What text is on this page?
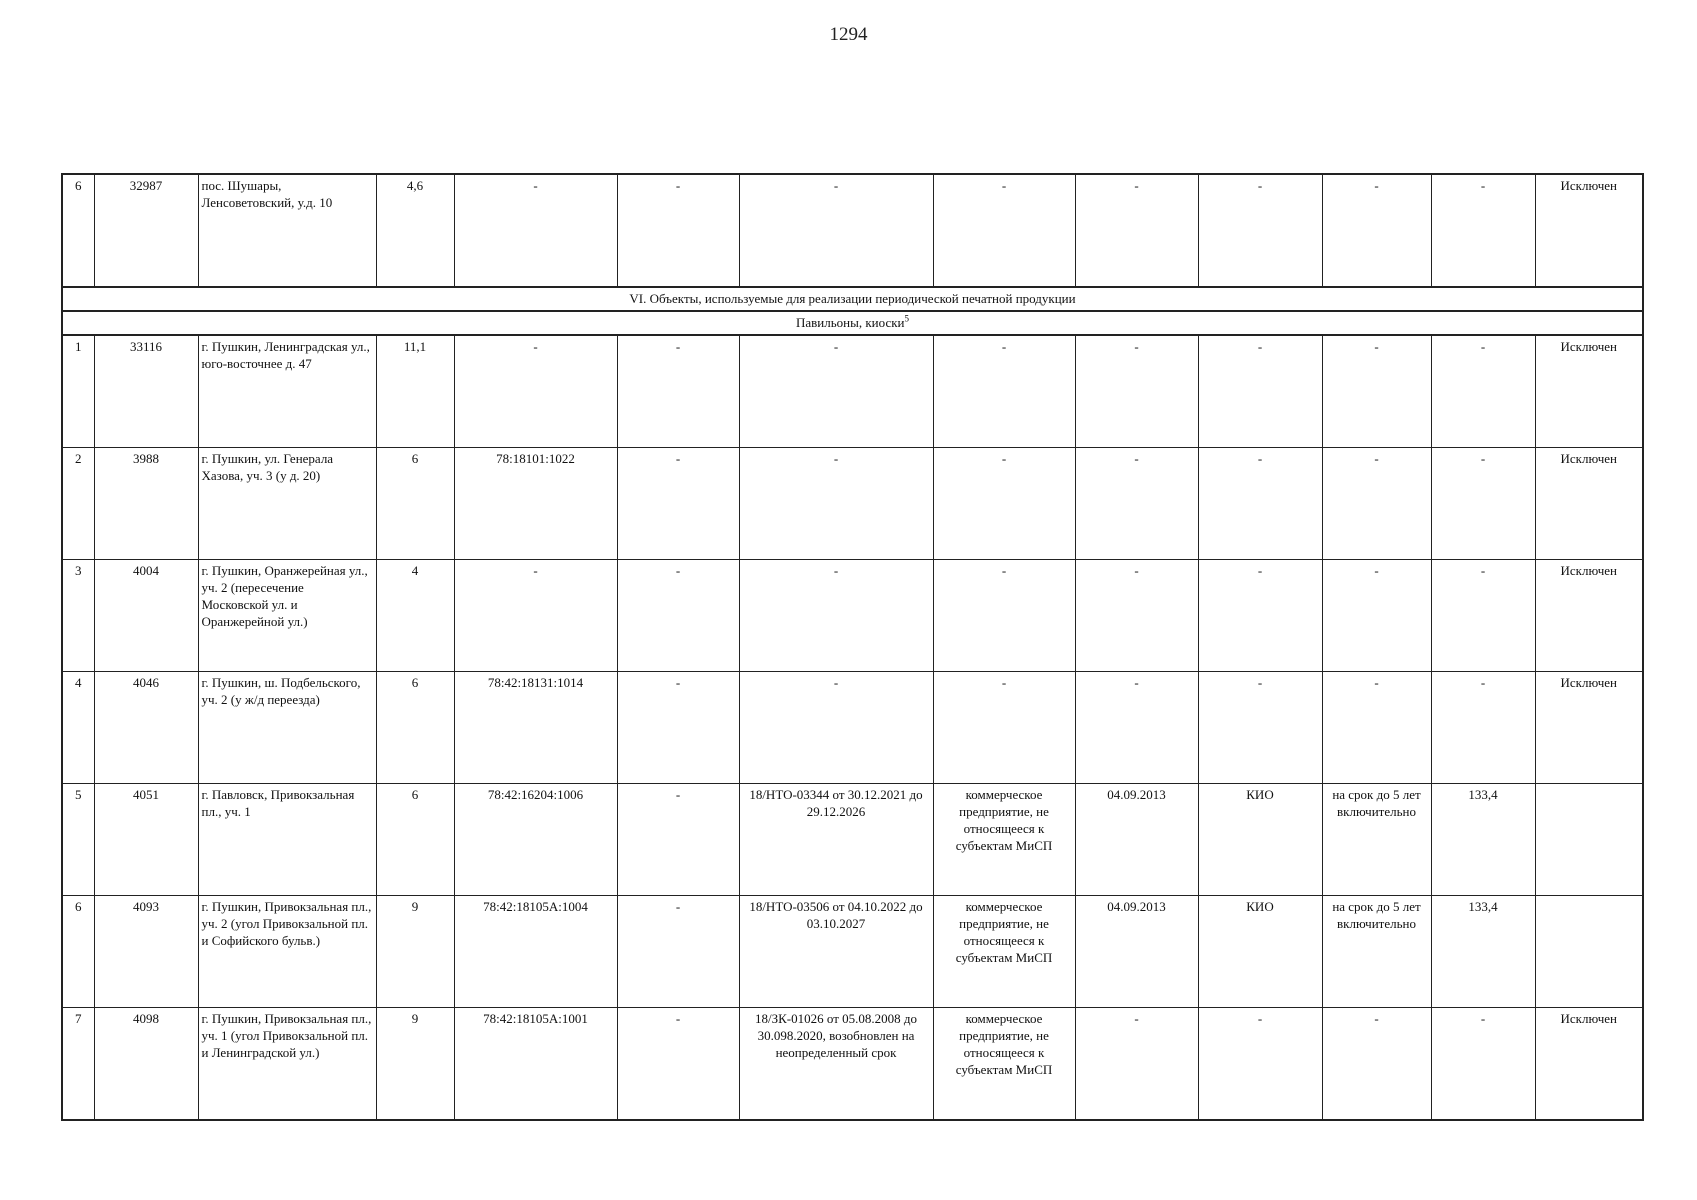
1294
6	32987	пос. Шушары, Ленсоветовский, у.д. 10	4,6	-	-	-	-	-	-	-	-	Исключен
VI. Объекты, используемые для реализации периодической печатной продукции												
Павильоны, киоски$^5$
1	33116	г. Пушкин, Ленинградская ул., юго-восточнее д. 47	11,1	-	-	-	-	-	-	-	-	Исключен
2	3988	г. Пушкин, ул. Генерала Хазова, уч. 3 (у д. 20)	6	78:18101:1022	-	-	-	-	-	-	-	Исключен
3	4004	г. Пушкин, Оранжерейная ул., уч. 2 (пересечение Московской ул. и Оранжерейной ул.)	4	-	-	-	-	-	-	-	-	Исключен
4	4046	г. Пушкин, ш. Подбельского, уч. 2 (у ж/д переезда)	6	78:42:18131:1014	-	-	-	-	-	-	-	Исключен
5	4051	г. Павловск, Привокзальная пл., уч. 1	6	78:42:16204:1006	-	18/НТО-03344 от 30.12.2021 до 29.12.2026	коммерческое предприятие, не относящееся к субъектам МиСП	04.09.2013	КИО	на срок до 5 лет включительно	133,4	
6	4093	г. Пушкин, Привокзальная пл., уч. 2 (угол Привокзальной пл. и Софийского бульв.)	9	78:42:18105А:1004	-	18/НТО-03506 от 04.10.2022 до 03.10.2027	коммерческое предприятие, не относящееся к субъектам МиСП	04.09.2013	КИО	на срок до 5 лет включительно	133,4	
7	4098	г. Пушкин, Привокзальная пл., уч. 1 (угол Привокзальной пл. и Ленинградской ул.)	9	78:42:18105А:1001	-	18/ЗК-01026 от 05.08.2008 до 30.098.2020, возобновлен на неопределенный срок	коммерческое предприятие, не относящееся к субъектам МиСП	-	-	-	-	Исключен
